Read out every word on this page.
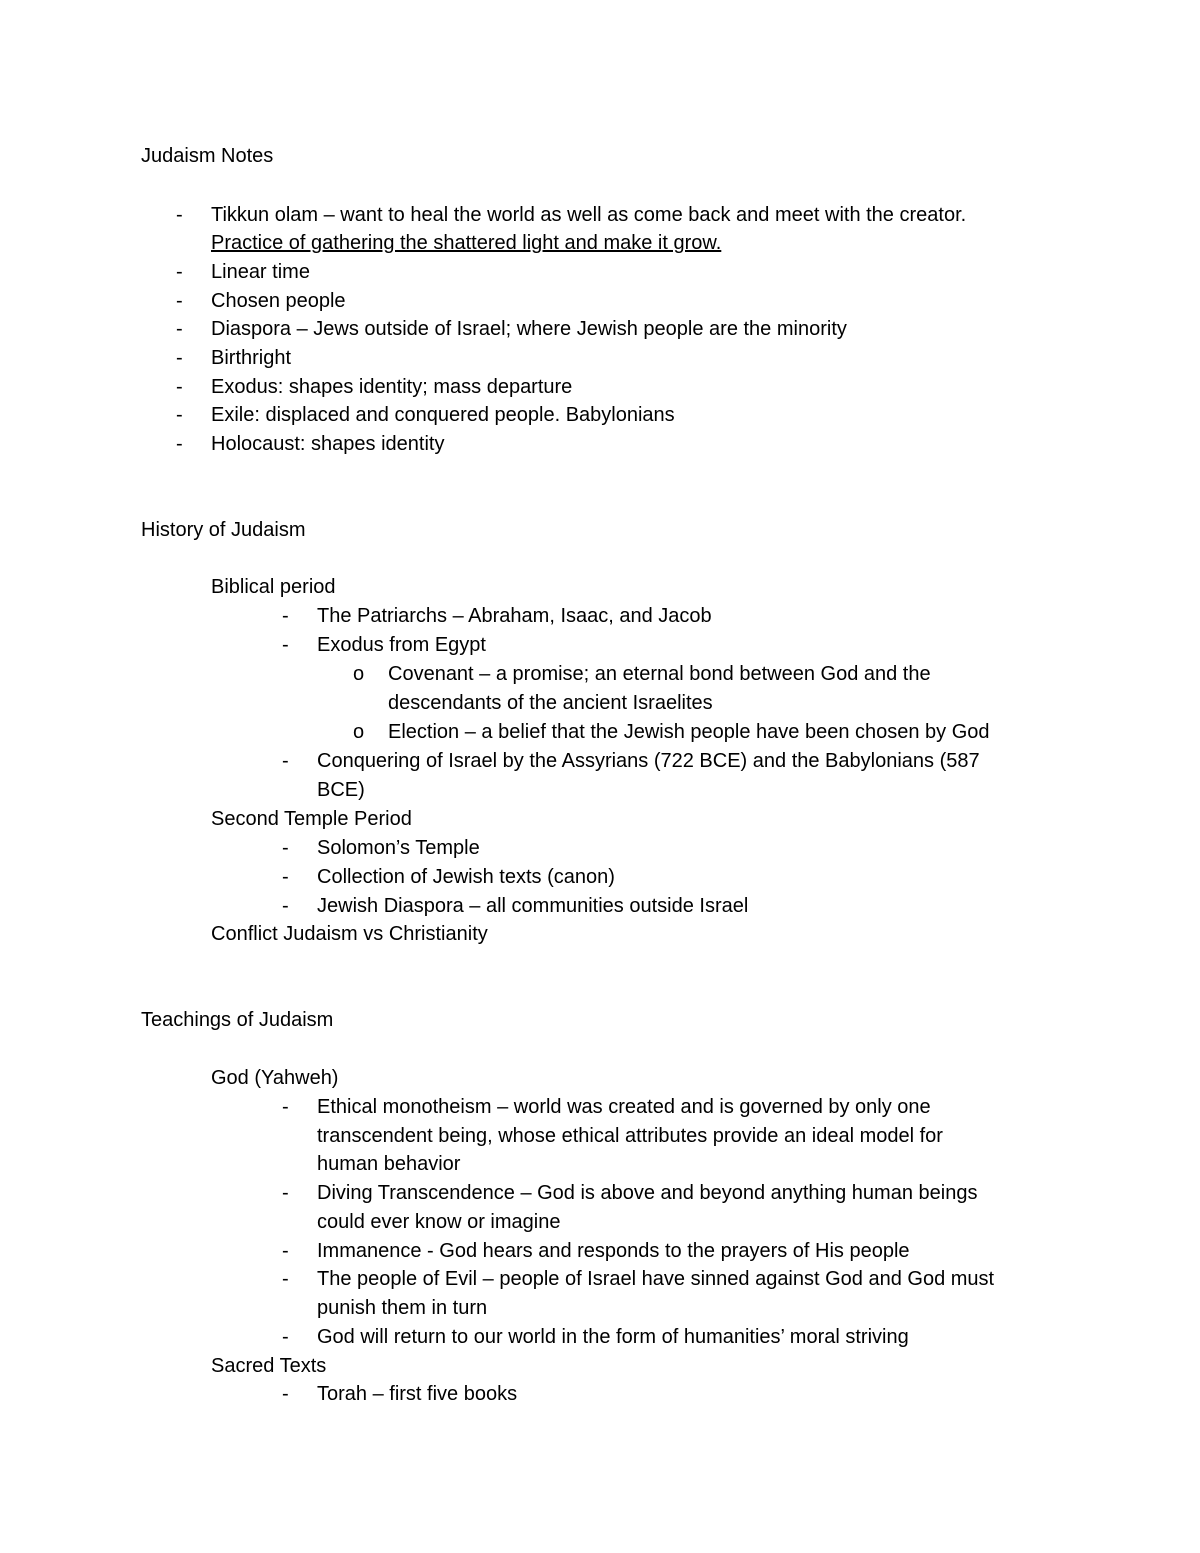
Judaism Notes
- Tikkun olam – want to heal the world as well as come back and meet with the creator.
Practice of gathering the shattered light and make it grow.
- Linear time
- Chosen people
- Diaspora – Jews outside of Israel; where Jewish people are the minority
- Birthright
- Exodus: shapes identity; mass departure
- Exile: displaced and conquered people. Babylonians
- Holocaust: shapes identity
History of Judaism
Biblical period
- The Patriarchs – Abraham, Isaac, and Jacob
- Exodus from Egypt
o Covenant – a promise; an eternal bond between God and the
descendants of the ancient Israelites
o Election – a belief that the Jewish people have been chosen by God
- Conquering of Israel by the Assyrians (722 BCE) and the Babylonians (587
BCE)
Second Temple Period
- Solomon’s Temple
- Collection of Jewish texts (canon)
- Jewish Diaspora – all communities outside Israel
Conflict Judaism vs Christianity
Teachings of Judaism
God (Yahweh)
- Ethical monotheism – world was created and is governed by only one
transcendent being, whose ethical attributes provide an ideal model for
human behavior
- Diving Transcendence – God is above and beyond anything human beings
could ever know or imagine
- Immanence - God hears and responds to the prayers of His people
- The people of Evil – people of Israel have sinned against God and God must
punish them in turn
- God will return to our world in the form of humanities’ moral striving
Sacred Texts
- Torah – first five books
